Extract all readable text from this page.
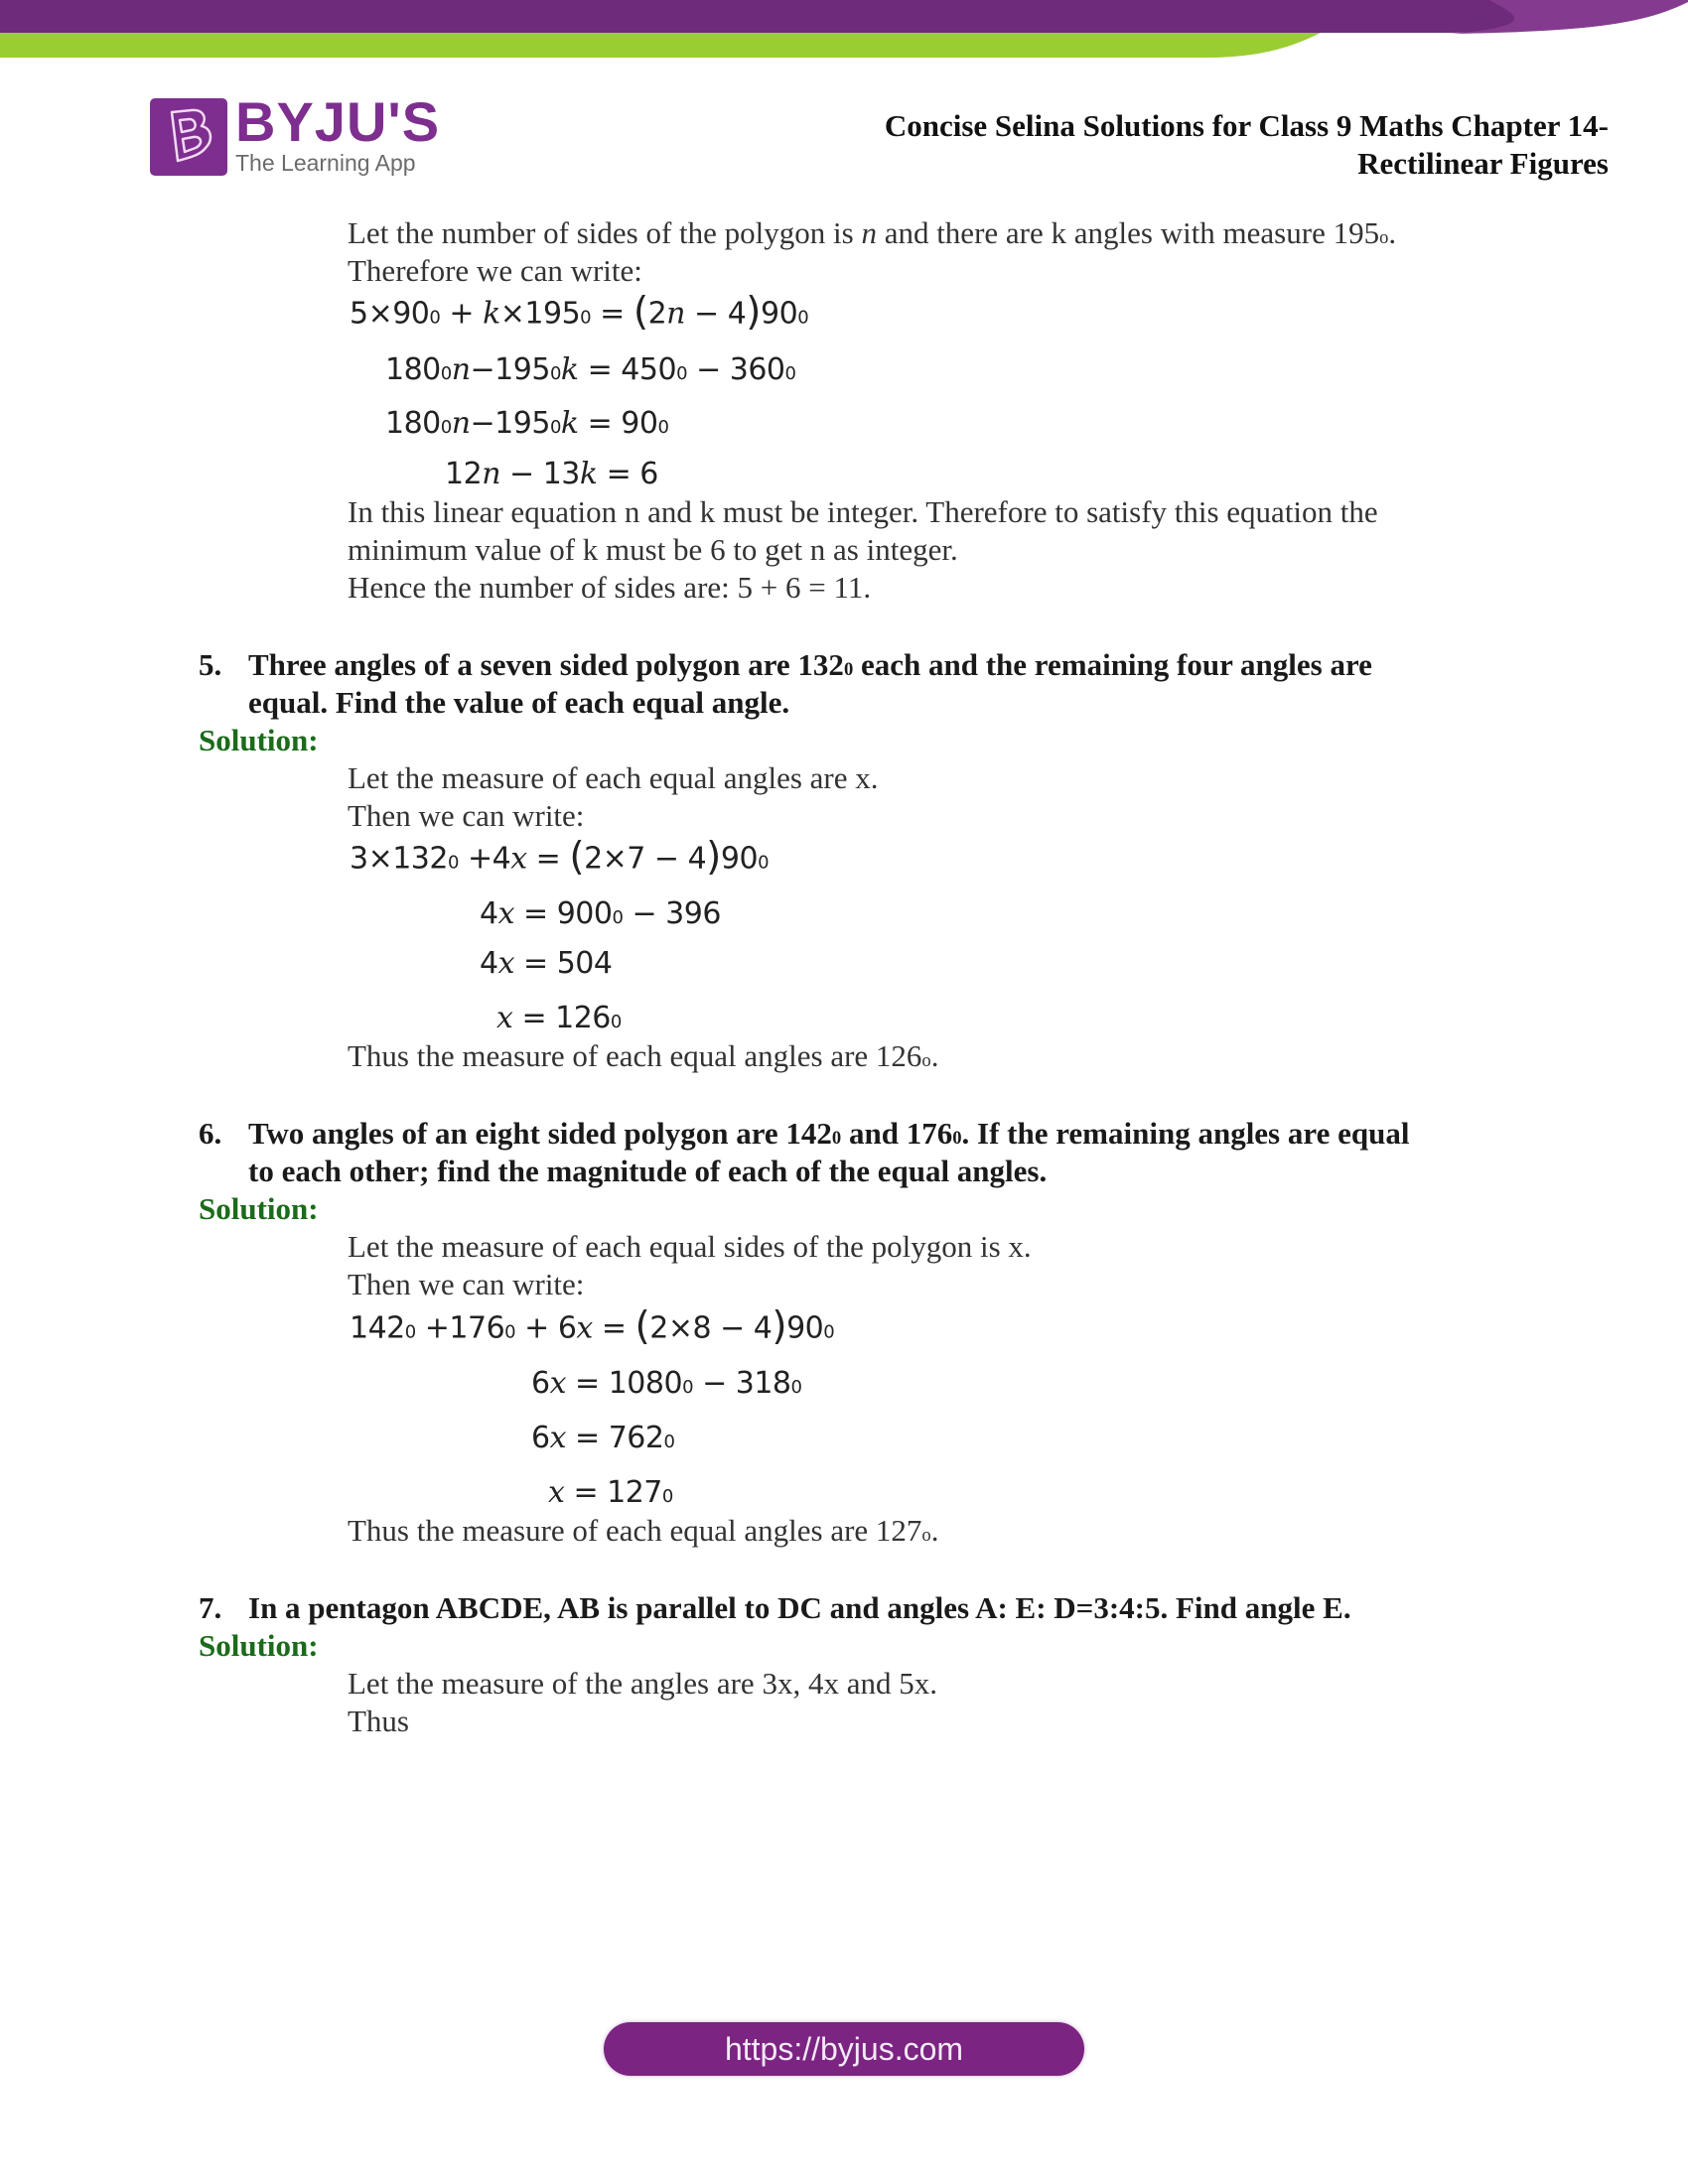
BYJU'S
The Learning App
Concise Selina Solutions for Class 9 Maths Chapter 14-
Rectilinear Figures
Let the number of sides of the polygon is n and there are k angles with measure 195$^o$.
Therefore we can write:
$5\times 90^0 + k\times 195^0 = (2n - 4)90^0$
$180^0n-195^0k = 450^0 - 360^0$
$180^0n-195^0k = 90^0$
12n − 13k = 6
In this linear equation n and k must be integer. Therefore to satisfy this equation the
minimum value of k must be 6 to get n as integer.
Hence the number of sides are: 5 + 6 = 11.
5. Three angles of a seven sided polygon are $132^0$ each and the remaining four angles are
equal. Find the value of each equal angle.
Solution:
Let the measure of each equal angles are x.
Then we can write:
$3\times 132^0 +4x = (2\times 7 - 4)90^0$
$4x = 900^0 - 396$
4x = 504
$x = 126^0$
Thus the measure of each equal angles are 126$^o$.
6. Two angles of an eight sided polygon are $142^0$ and $176^0$. If the remaining angles are equal
to each other; find the magnitude of each of the equal angles.
Solution:
Let the measure of each equal sides of the polygon is x.
Then we can write:
$142^0 +176^0 + 6x = (2\times 8 - 4)90^0$
$6x = 1080^0 - 318^0$
$6x = 762^0$
$x = 127^0$
Thus the measure of each equal angles are 127$^o$.
7. In a pentagon ABCDE, AB is parallel to DC and angles A: E: D=3:4:5. Find angle E.
Solution:
Let the measure of the angles are 3x, 4x and 5x.
Thus
https://byjus.com
